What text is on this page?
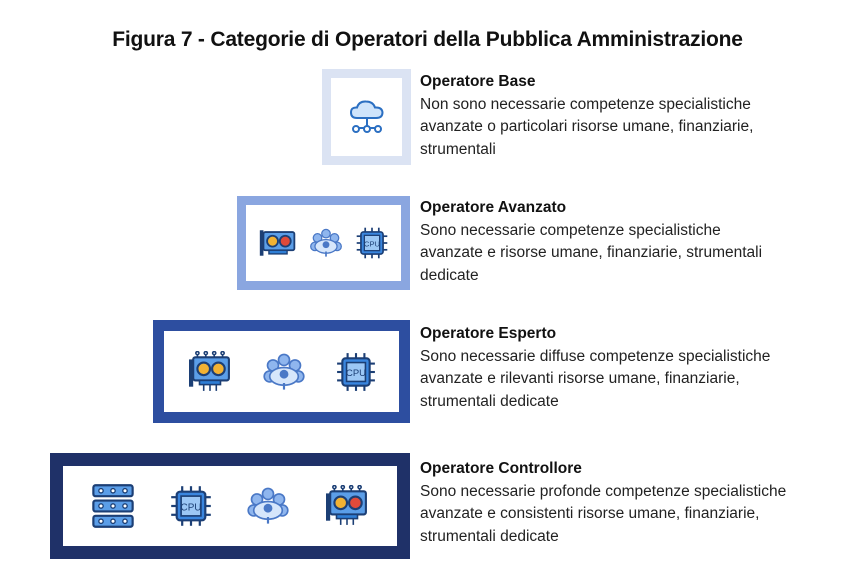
Figura 7 - Categorie di Operatori della Pubblica Amministrazione
Operatore Base
Non sono necessarie competenze specialistiche
avanzate o particolari risorse umane, finanziarie,
strumentali
CPU
Operatore Avanzato
Sono necessarie competenze specialistiche
avanzate e risorse umane, finanziarie, strumentali
dedicate
CPU
Operatore Esperto
Sono necessarie diffuse competenze specialistiche
avanzate e rilevanti risorse umane, finanziarie,
strumentali dedicate
CPU
Operatore Controllore
Sono necessarie profonde competenze specialistiche
avanzate e consistenti risorse umane, finanziarie,
strumentali dedicate
